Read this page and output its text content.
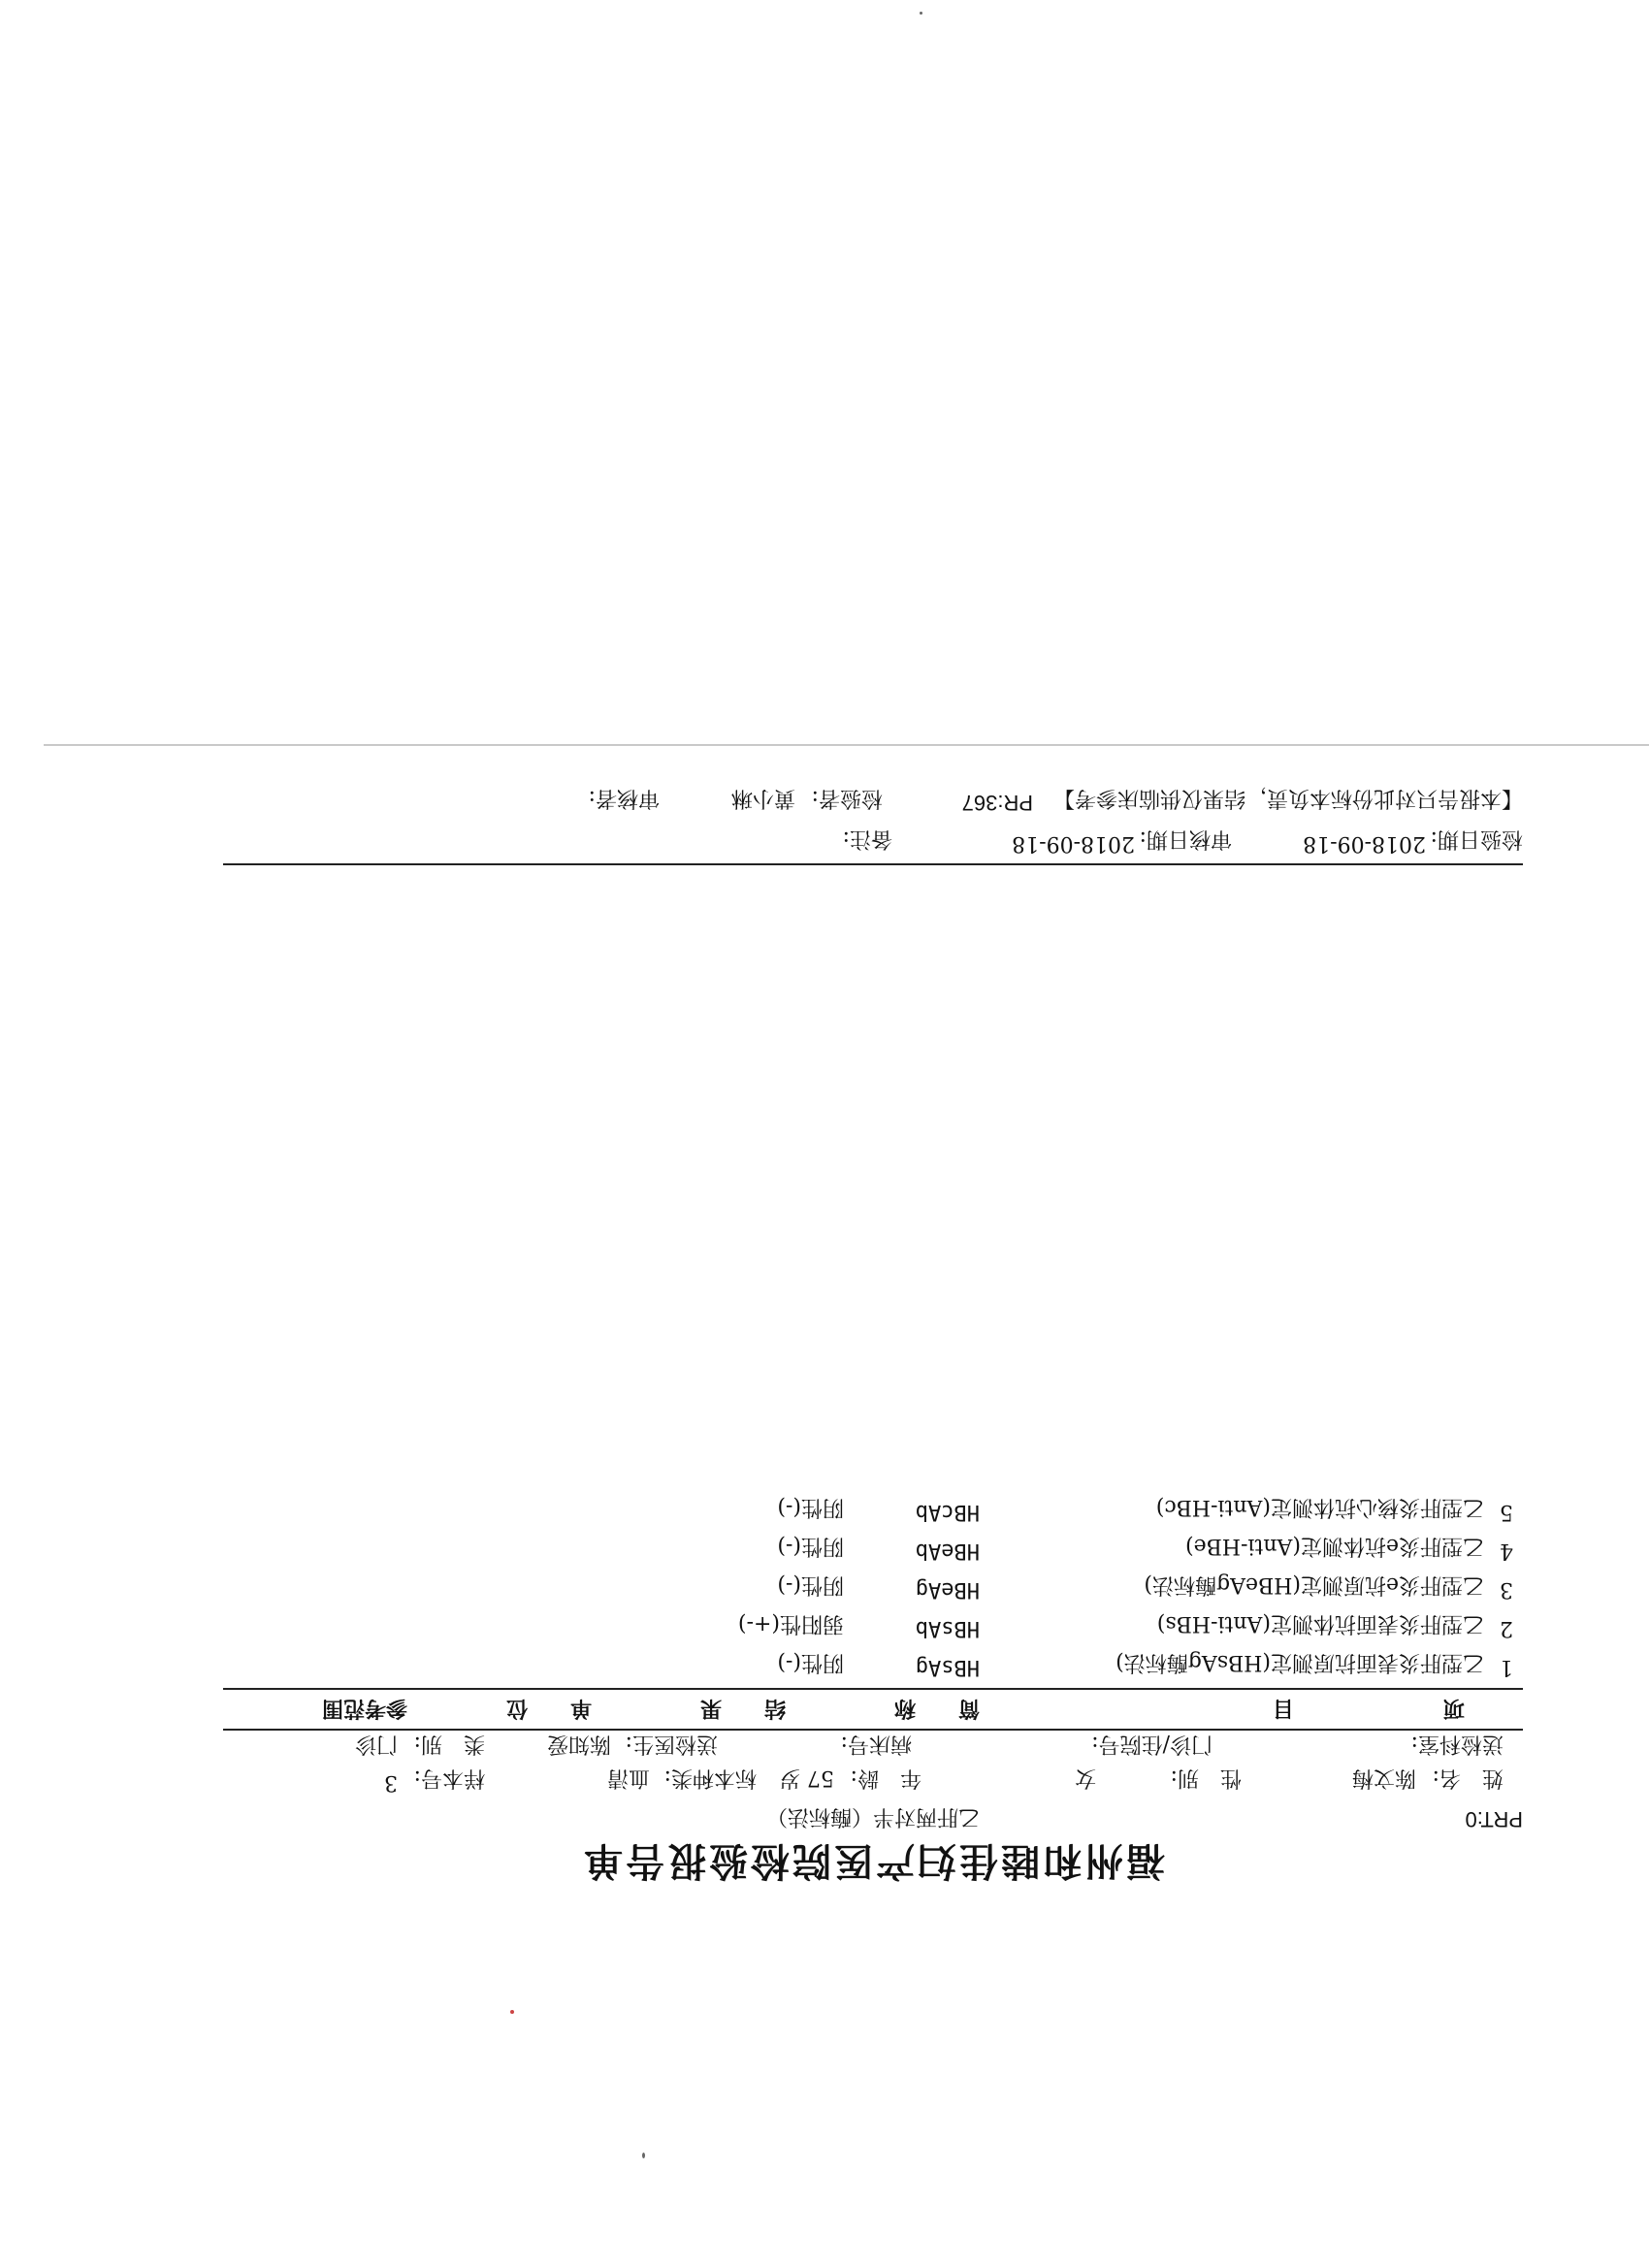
福州和睦佳妇产医院检验报告单
乙肝两对半（酶标法）	PRT:0
姓　名:
陈文梅
性　别:
女
年　龄:
57 岁
标本种类:
血清
样本号:
3
送检科室:
门诊/住院号:
病床号:
送检医生:
陈知爱
类　别:
门诊
项　　　　　　　目
简　　称
结　　果
单　　位
参考范围
1
乙型肝炎表面抗原测定(HBsAg酶标法)
HBsAg
阴性(-)
2
乙型肝炎表面抗体测定(Anti-HBs)
HBsAb
弱阳性(+-)
3
乙型肝炎e抗原测定(HBeAg酶标法)
HBeAg
阴性(-)
4
乙型肝炎e抗体测定(Anti-HBe)
HBeAb
阴性(-)
5
乙型肝炎核心抗体测定(Anti-HBc)
HBcAb
阴性(-)
检验日期:
2018-09-18
审核日期:
2018-09-18
备注:
【本报告只对此份标本负责，结果仅供临床参考】
PR:367
检验者:
黄小琳
审核者:
